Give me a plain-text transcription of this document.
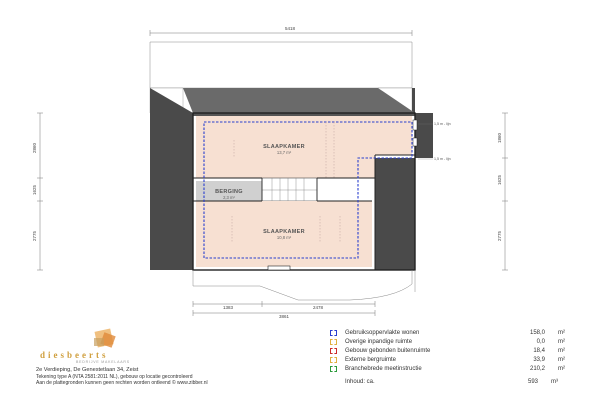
5418
SLAAPKAMER
13,7 m²
BERGING
2,3 m²
SLAAPKAMER
10,8 m²
1,5 m - lijn
1,5 m - lijn
2860
1625
2775
1860
1625
2775
1383	2478
3861
diesbeerts
BEDRIJVE MAKELAARS
2e Verdieping, De Genestetlaan 34, Zeist
Tekening type A (NTA 2581:2011 NL), gebouw op locatie gecontroleerd
Aan de plattegronden kunnen geen rechten worden ontleend © www.zibber.nl
Gebruiksoppervlakte wonen	158,0	m²
Overige inpandige ruimte	0,0	m²
Gebouw gebonden buitenruimte	18,4	m²
Externe bergruimte	33,9	m²
Branchebrede meetinstructie	210,2	m²
Inhoud: ca.	593	m³
